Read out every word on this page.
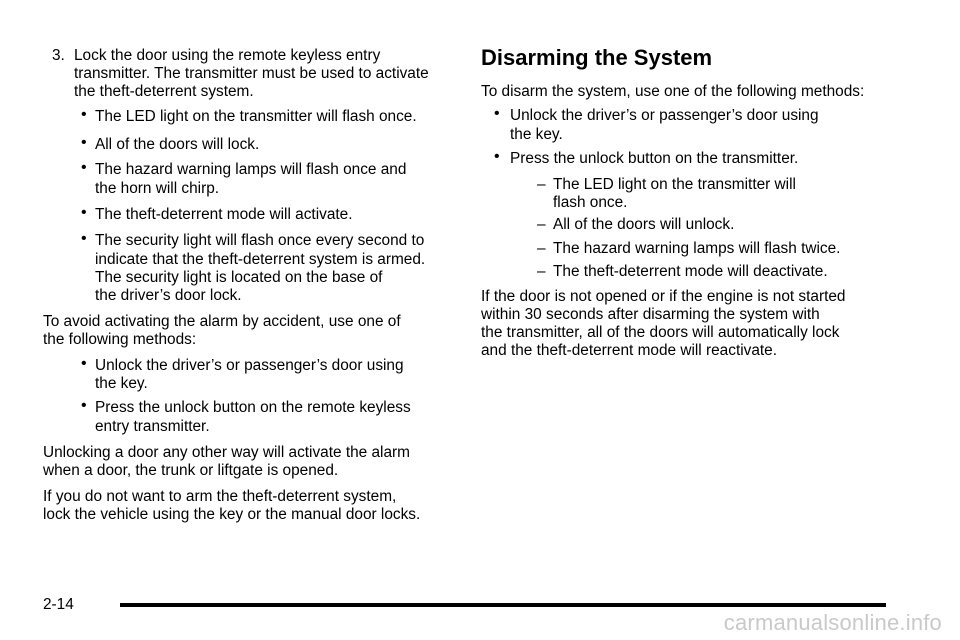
3. Lock the door using the remote keyless entry
transmitter. The transmitter must be used to activate
the theft-deterrent system.
• The LED light on the transmitter will flash once.
• All of the doors will lock.
• The hazard warning lamps will flash once and
the horn will chirp.
• The theft-deterrent mode will activate.
• The security light will flash once every second to
indicate that the theft-deterrent system is armed.
The security light is located on the base of
the driver’s door lock.
To avoid activating the alarm by accident, use one of
the following methods:
• Unlock the driver’s or passenger’s door using
the key.
• Press the unlock button on the remote keyless
entry transmitter.
Unlocking a door any other way will activate the alarm
when a door, the trunk or liftgate is opened.
If you do not want to arm the theft-deterrent system,
lock the vehicle using the key or the manual door locks.
Disarming the System
To disarm the system, use one of the following methods:
• Unlock the driver’s or passenger’s door using
the key.
• Press the unlock button on the transmitter.
– The LED light on the transmitter will
flash once.
– All of the doors will unlock.
– The hazard warning lamps will flash twice.
– The theft-deterrent mode will deactivate.
If the door is not opened or if the engine is not started
within 30 seconds after disarming the system with
the transmitter, all of the doors will automatically lock
and the theft-deterrent mode will reactivate.
2-14
carmanualsonline.info
